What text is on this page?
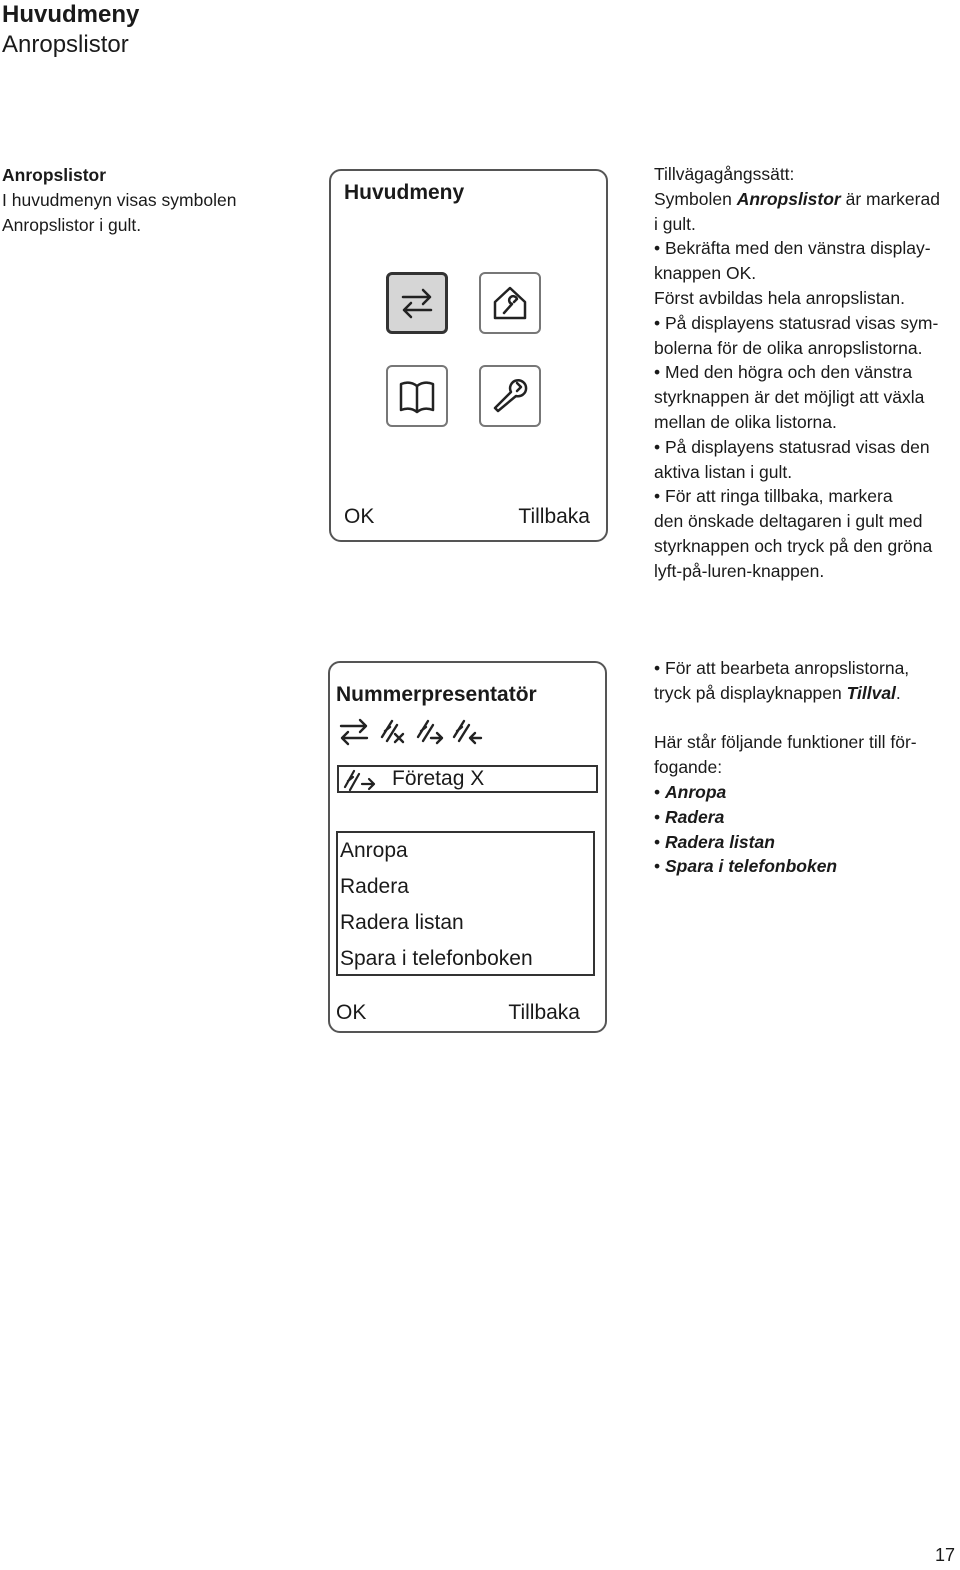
Huvudmeny
Anropslistor
Anropslistor
I huvudmenyn visas symbolen Anropslistor i gult.
Huvudmeny
OK	Tillbaka

Tillvägagångssätt:

Symbolen Anropslistor är markerad

i gult.

• Bekräfta med den vänstra display-

knappen OK.

Först avbildas hela anropslistan.

• På displayens statusrad visas sym-

bolerna för de olika anropslistorna.

• Med den högra och den vänstra

styrknappen är det möjligt att växla

mellan de olika listorna.

• På displayens statusrad visas den

aktiva listan i gult.

• För att ringa tillbaka, markera

den önskade deltagaren i gult med

styrknappen och tryck på den gröna

lyft-på-luren-knappen.

Nummerpresentatör
Företag X
Anropa
Radera
Radera listan
Spara i telefonboken
OK	Tillbaka

• För att bearbeta anropslistorna,

tryck på displayknappen Tillval.

Här står följande funktioner till för-

fogande:

• Anropa

• Radera

• Radera listan

• Spara i telefonboken

17
